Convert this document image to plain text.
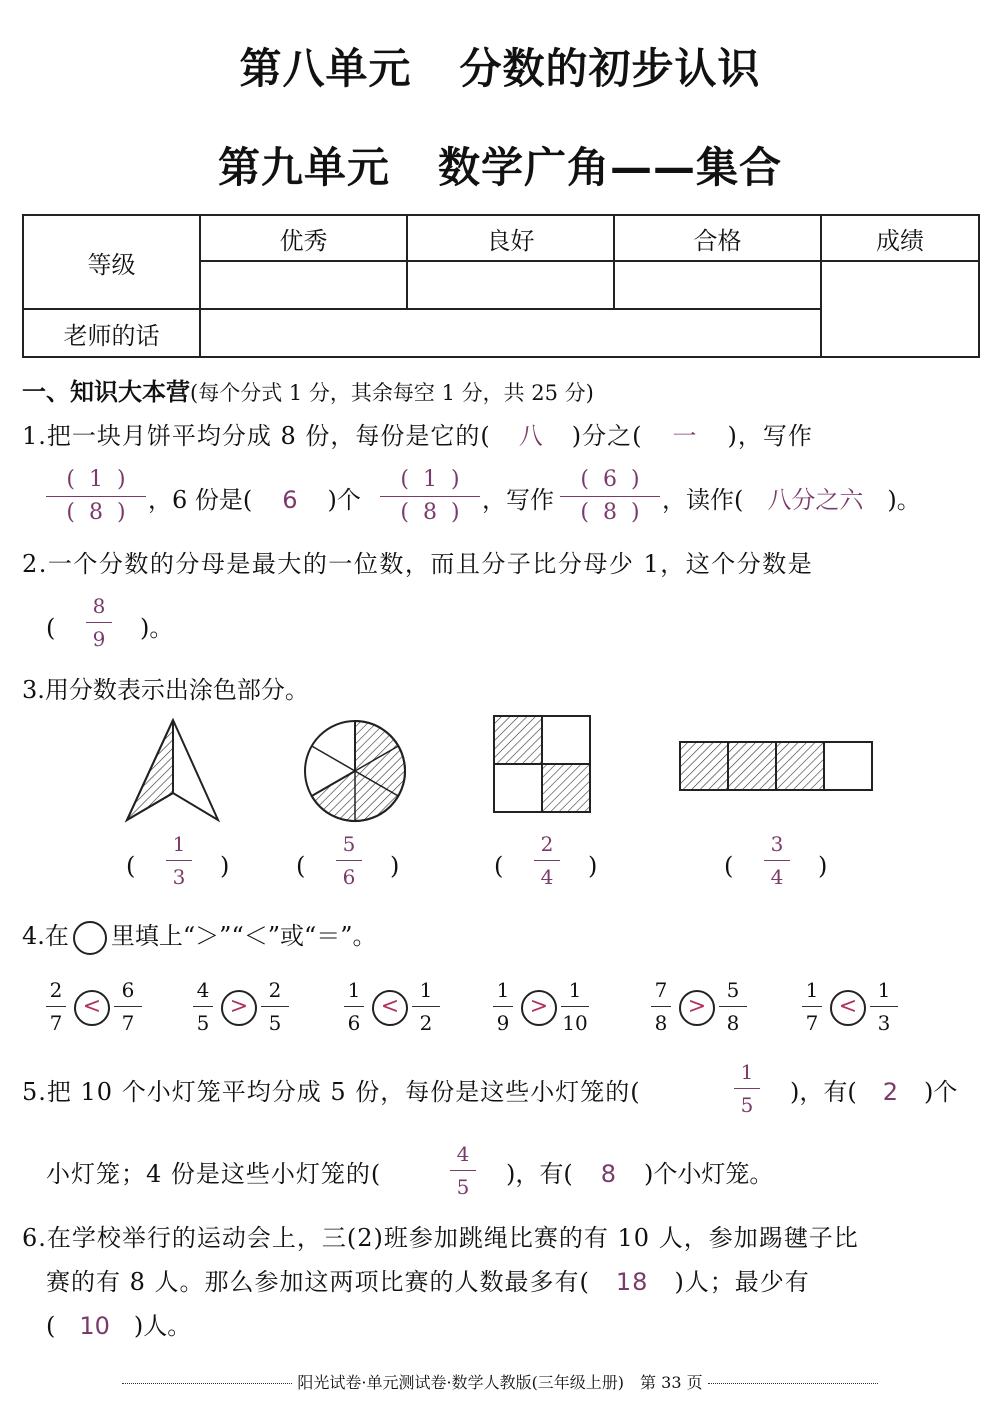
第八单元 分数的初步认识
第九单元 数学广角——集合
等级	优秀	良好	合格	成绩

老师的话				
一、知识大本营(每个分式 1 分，其余每空 1 分，共 25 分)
1.把一块月饼平均分成 8 份，每份是它的( 八 )分之( 一 )，写作
(  1  )
(  8  ) ，6 份是( 6 )个
(  1  )
(  8  ) ，写作
(  6  )
(  8  ) ，读作( 八分之六 )。
2.一个分数的分母是最大的一位数，而且分子比分母少 1，这个分数是
(
8
9 )。
3.用分数表示出涂色部分。
(
1
3 )	(
5
6 )	(
2
4 )	(
3
4 )
4.在 里填上“＞”“＜”或“＝”。
2
7
<
6
7
4
5
>
2
5
1
6
<
1
2
1
9
>
1
10
7
8
>
5
8
1
7
<
1
3
5.把 10 个小灯笼平均分成 5 份，每份是这些小灯笼的(
1
5 )，有( 2 )个
小灯笼；4 份是这些小灯笼的(
4
5 )，有( 8 )个小灯笼。
6.在学校举行的运动会上，三(2)班参加跳绳比赛的有 10 人，参加踢毽子比
赛的有 8 人。那么参加这两项比赛的人数最多有( 18 )人；最少有
( 10 )人。
阳光试卷·单元测试卷·数学人教版(三年级上册)　第 33 页
